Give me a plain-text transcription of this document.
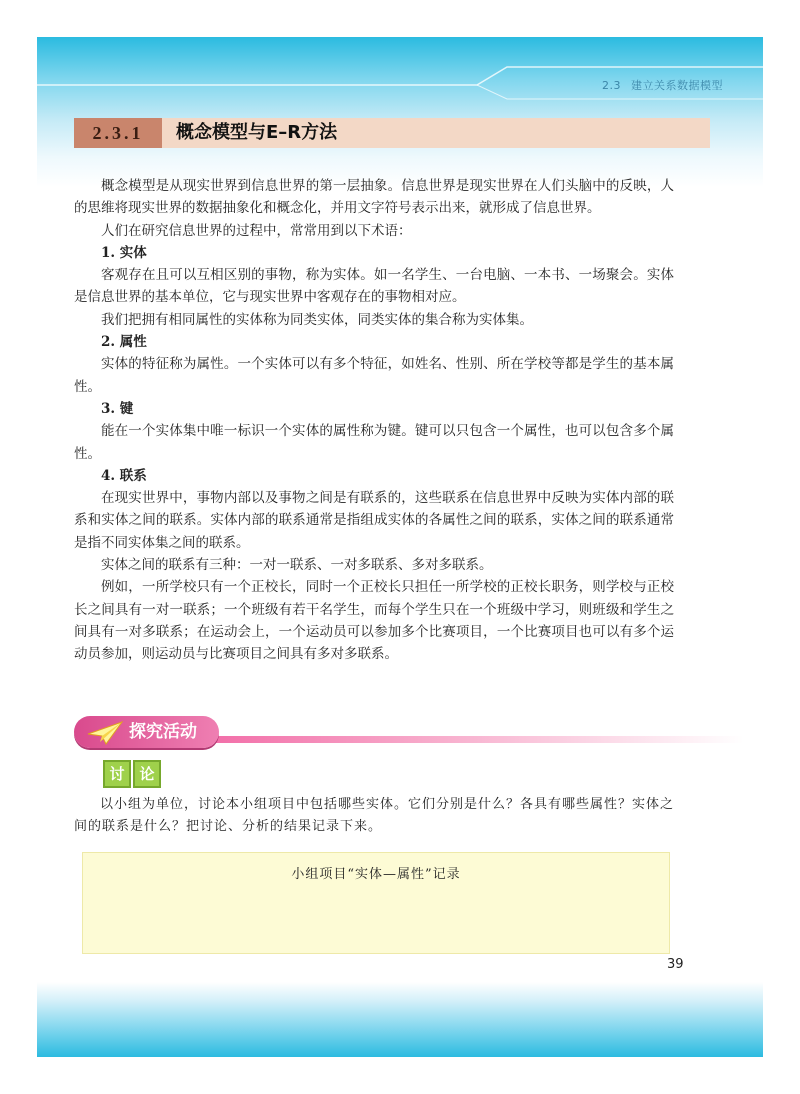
2.3 建立关系数据模型
2.3.1	概念模型与E–R方法

概念模型是从现实世界到信息世界的第一层抽象。信息世界是现实世界在人们头脑中的反映，人的思维将现实世界的数据抽象化和概念化，并用文字符号表示出来，就形成了信息世界。

人们在研究信息世界的过程中，常常用到以下术语：

1. 实体

客观存在且可以互相区别的事物，称为实体。如一名学生、一台电脑、一本书、一场聚会。实体是信息世界的基本单位，它与现实世界中客观存在的事物相对应。

我们把拥有相同属性的实体称为同类实体，同类实体的集合称为实体集。

2. 属性

实体的特征称为属性。一个实体可以有多个特征，如姓名、性别、所在学校等都是学生的基本属性。

3. 键

能在一个实体集中唯一标识一个实体的属性称为键。键可以只包含一个属性，也可以包含多个属性。

4. 联系

在现实世界中，事物内部以及事物之间是有联系的，这些联系在信息世界中反映为实体内部的联系和实体之间的联系。实体内部的联系通常是指组成实体的各属性之间的联系，实体之间的联系通常是指不同实体集之间的联系。

实体之间的联系有三种：一对一联系、一对多联系、多对多联系。

例如，一所学校只有一个正校长，同时一个正校长只担任一所学校的正校长职务，则学校与正校长之间具有一对一联系；一个班级有若干名学生，而每个学生只在一个班级中学习，则班级和学生之间具有一对多联系；在运动会上，一个运动员可以参加多个比赛项目，一个比赛项目也可以有多个运动员参加，则运动员与比赛项目之间具有多对多联系。

探究活动
讨 论

以小组为单位，讨论本小组项目中包括哪些实体。它们分别是什么？各具有哪些属性？实体之间的联系是什么？把讨论、分析的结果记录下来。

小组项目“实体—属性”记录
39
